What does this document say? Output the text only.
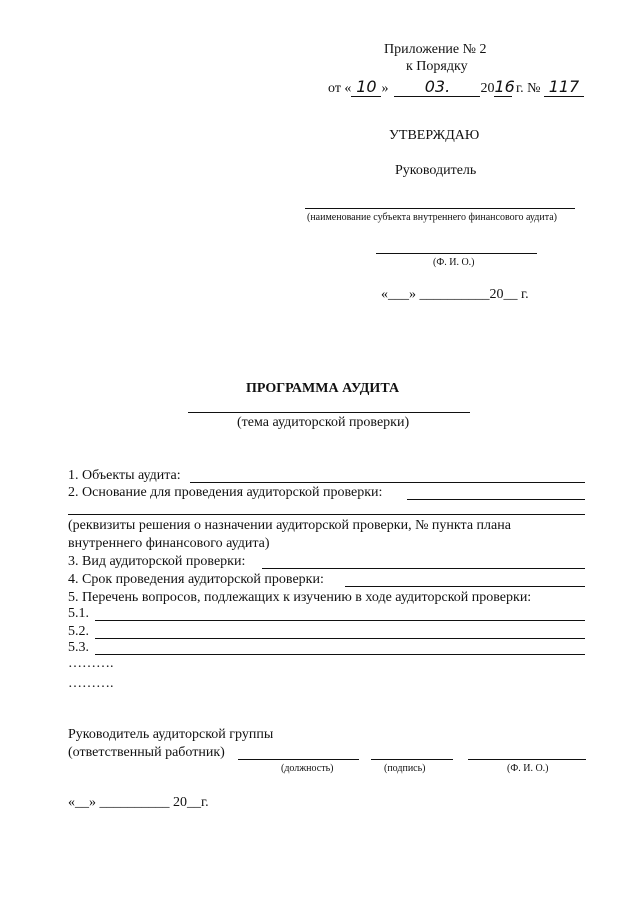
Приложение № 2
к Порядку
от « 10 » 03. 2016 г. № 117
УТВЕРЖДАЮ
Руководитель
(наименование субъекта внутреннего финансового аудита)
(Ф. И. О.)
«___» __________20__ г.
ПРОГРАММА АУДИТА
(тема аудиторской проверки)
1. Объекты аудита:
2. Основание для проведения аудиторской проверки:
(реквизиты решения о назначении аудиторской проверки, № пункта плана
внутреннего финансового аудита)
3. Вид аудиторской проверки:
4. Срок проведения аудиторской проверки:
5. Перечень вопросов, подлежащих к изучению в ходе аудиторской проверки:
5.1.
5.2.
5.3.
……….
……….
Руководитель аудиторской группы
(ответственный работник)
(должность)	(подпись)	(Ф. И. О.)
«__» __________ 20__г.
